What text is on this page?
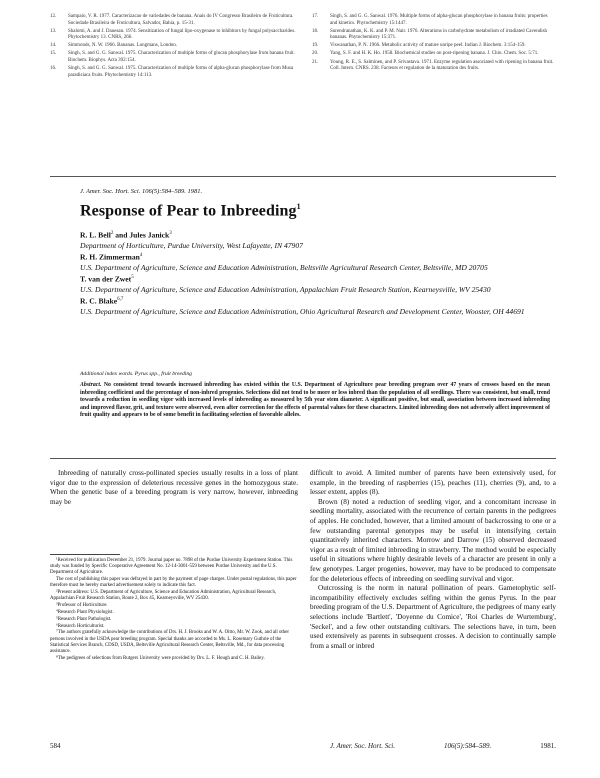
12.	Sampaio, V. R. 1977. Caracterizacao de variedades de banana. Anais do IV Congresso Brasileiro de Fruticultura. Sociedade Brasileira de Fruticultura, Salvador, Bahia, p. 15-31.
13.	Shalomi, A. and J. Dauesan. 1974. Sensitization of fungal lipo-oxygenase to inhibitors by fungal polysaccharides. Phytochemistry 13. CNRS, 266.
14.	Simmonds, N. W. 1966. Bananas. Longmans, London.
15.	Singh, S. and G. G. Sanwal. 1975. Characterization of multiple forms of glucan phosphorylase from banana fruit. Biochem. Biophys. Acta 392:154.
16.	Singh, S. and G. G. Sanwal. 1975. Characterization of multiple forms of alpha-glucan phosphorylase from Musa paradisiaca fruits. Phytochemistry 14:113.
17.	Singh, S. and G. G. Sanwal. 1976. Multiple forms of alpha-glucan phosphorylase in banana fruits: properties and kinetics. Phytochemistry 15:1447.
18.	Surendranathan, K. K. and P. M. Nair. 1976. Alterations in carbohydrate metabolism of irradiated Cavendish bananas. Phytochemistry 15:371.
19.	Viswanathan, P. N. 1966. Metabolic activity of mature unripe peel. Indian J. Biochem. 3:154-159.
20.	Yang, S. F. and H. K. Ho. 1958. Biochemical studies on post-ripening banana. J. Chin. Chem. Soc. 5:71.
21.	Young, R. E., S. Salminen, and P. Srivastava. 1971. Enzyme regulation associated with ripening in banana fruit. Coll. Intern. CNRS. 238. Facteurs et regulation de la maturation des fruits.
J. Amer. Soc. Hort. Sci. 106(5):584–589. 1981.
Response of Pear to Inbreeding$^1$
R. L. Bell$^2$ and Jules Janick$^3$
Department of Horticulture, Purdue University, West Lafayette, IN 47907
R. H. Zimmerman$^4$
U.S. Department of Agriculture, Science and Education Administration, Beltsville Agricultural Research Center, Beltsville, MD 20705
T. van der Zwet$^5$
U.S. Department of Agriculture, Science and Education Administration, Appalachian Fruit Research Station, Kearneysville, WV 25430
R. C. Blake$^{6,7}$
U.S. Department of Agriculture, Science and Education Administration, Ohio Agricultural Research and Development Center, Wooster, OH 44691
Additional index words. Pyrus spp., fruit breeding
Abstract. No consistent trend towards increased inbreeding has existed within the U.S. Department of Agriculture pear breeding program over 47 years of crosses based on the mean inbreeding coefficient and the percentage of non-inbred progenies. Selections did not tend to be more or less inbred than the population of all seedlings. There was consistent, but small, trend towards a reduction in seedling vigor with increased levels of inbreeding as measured by 5th year stem diameter. A significant positive, but small, association between increased inbreeding and improved flavor, grit, and texture were observed, even after correction for the effects of parental values for these characters. Limited inbreeding does not adversely affect improvement of fruit quality and appears to be of some benefit in facilitating selection of favorable alleles.

Inbreeding of naturally cross-pollinated species usually results in a loss of plant vigor due to the expression of deleterious recessive genes in the homozygous state. When the genetic base of a breeding program is very narrow, however, inbreeding may be

difficult to avoid. A limited number of parents have been extensively used, for example, in the breeding of raspberries (15), peaches (11), cherries (9), and, to a lesser extent, apples (8).

Brown (8) noted a reduction of seedling vigor, and a concomitant increase in seedling mortality, associated with the recurrence of certain parents in the pedigrees of apples. He concluded, however, that a limited amount of backcrossing to one or a few outstanding parental genotypes may be useful in intensifying certain quantitatively inherited characters. Morrow and Darrow (15) observed decreased vigor as a result of limited inbreeding in strawberry. The method would be especially useful in situations where highly desirable levels of a character are present in only a few genotypes. Larger progenies, however, may have to be produced to compensate for the deleterious effects of inbreeding on seedling survival and vigor.

Outcrossing is the norm in natural pollination of pears. Gametophytic self-incompatibility effectively excludes selfing within the genus Pyrus. In the pear breeding program of the U.S. Department of Agriculture, the pedigrees of many early selections include 'Bartlett', 'Doyenne du Comice', 'Roi Charles de Wurtemburg', 'Seckel', and a few other outstanding cultivars. The selections have, in turn, been used extensively as parents in subsequent crosses. A decision to continually sample from a small or inbred

¹Received for publication December 21, 1979. Journal paper no. 7898 of the Purdue University Experiment Station. This study was funded by Specific Cooperative Agreement No. 12-14-3001-559 between Purdue University and the U.S. Department of Agriculture.
The cost of publishing this paper was defrayed in part by the payment of page charges. Under postal regulations, this paper therefore must be hereby marked advertisement solely to indicate this fact.
²Present address: U.S. Department of Agriculture, Science and Education Administration, Agricultural Research, Appalachian Fruit Research Station, Route 2, Box 45, Kearneysville, WV 25430.
³Professor of Horticulture.
⁴Research Plant Physiologist.
⁵Research Plant Pathologist.
⁶Research Horticulturist.
⁷The authors gratefully acknowledge the contributions of Drs. H. J. Brooks and W. A. Oitto, Mr. W. Zook, and all other persons involved in the USDA pear breeding program. Special thanks are accorded to Ms. L. Rosemary Guthrie of the Statistical Services Branch, CDSD, USDA, Beltsville Agricultural Research Center, Beltsville, Md., for data processing assistance.
⁸The pedigrees of selections from Rutgers University were provided by Drs. L. F. Hough and C. H. Bailey.
584	J. Amer. Soc. Hort. Sci.	106(5):584–589.	1981.
